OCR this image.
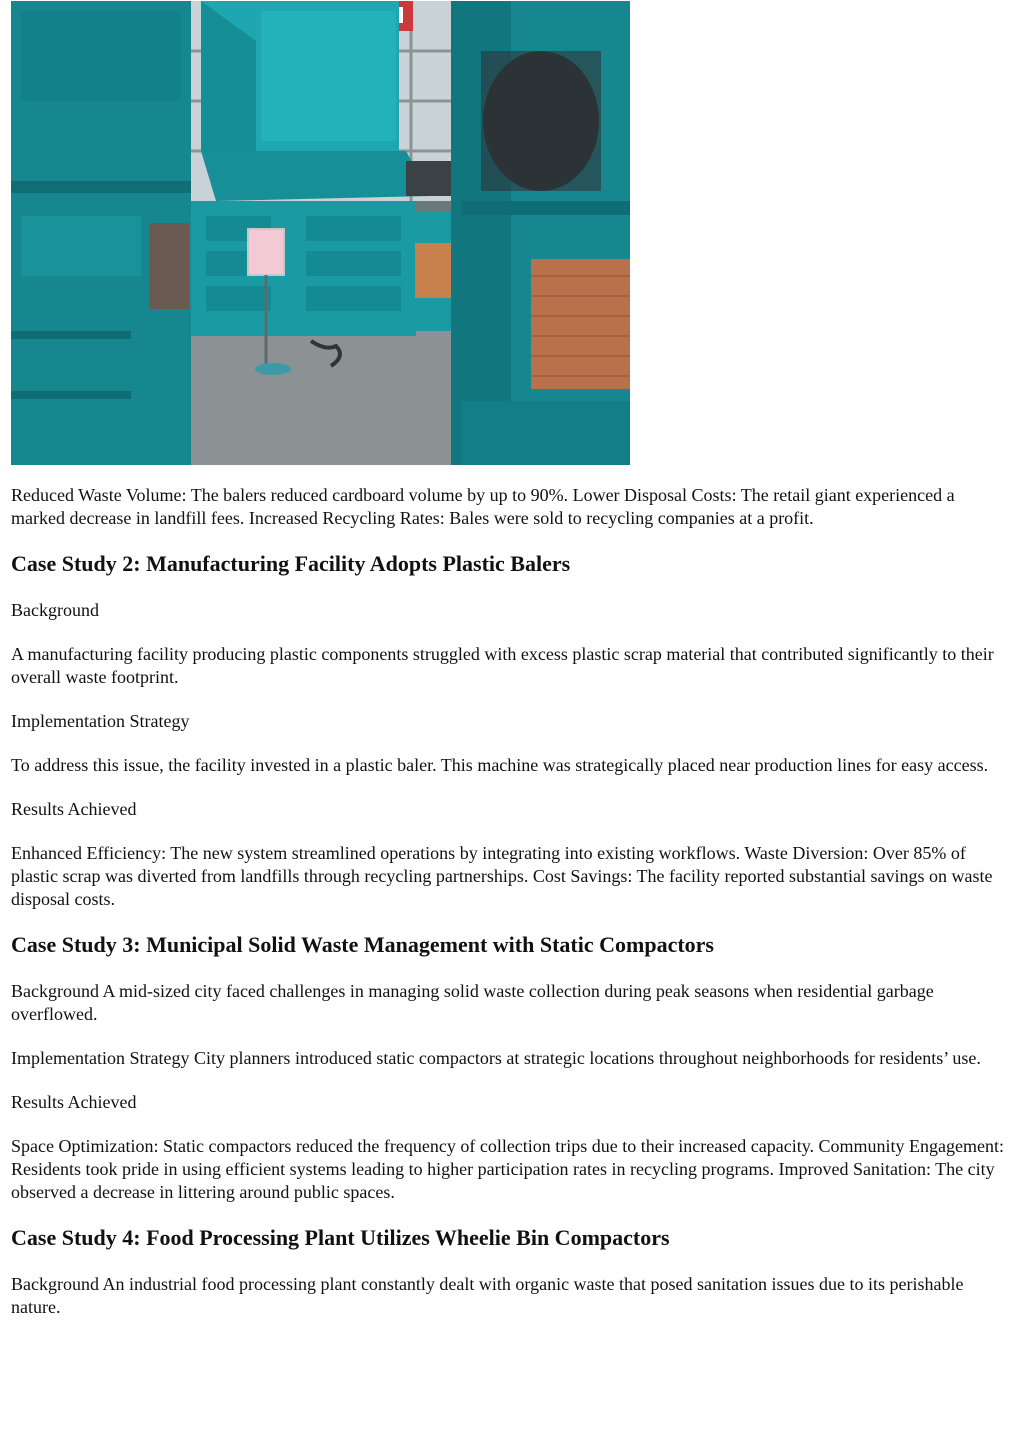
Reduced Waste Volume: The balers reduced cardboard volume by up to 90%. Lower Disposal Costs: The retail giant experienced a marked decrease in landfill fees. Increased Recycling Rates: Bales were sold to recycling companies at a profit.

Case Study 2: Manufacturing Facility Adopts Plastic Balers

Background

A manufacturing facility producing plastic components struggled with excess plastic scrap material that contributed significantly to their overall waste footprint.

Implementation Strategy

To address this issue, the facility invested in a plastic baler. This machine was strategically placed near production lines for easy access.

Results Achieved

Enhanced Efficiency: The new system streamlined operations by integrating into existing workflows. Waste Diversion: Over 85% of plastic scrap was diverted from landfills through recycling partnerships. Cost Savings: The facility reported substantial savings on waste disposal costs.

Case Study 3: Municipal Solid Waste Management with Static Compactors

Background A mid-sized city faced challenges in managing solid waste collection during peak seasons when residential garbage overflowed.

Implementation Strategy City planners introduced static compactors at strategic locations throughout neighborhoods for residents’ use.

Results Achieved

Space Optimization: Static compactors reduced the frequency of collection trips due to their increased capacity. Community Engagement: Residents took pride in using efficient systems leading to higher participation rates in recycling programs. Improved Sanitation: The city observed a decrease in littering around public spaces.

Case Study 4: Food Processing Plant Utilizes Wheelie Bin Compactors

Background An industrial food processing plant constantly dealt with organic waste that posed sanitation issues due to its perishable nature.
